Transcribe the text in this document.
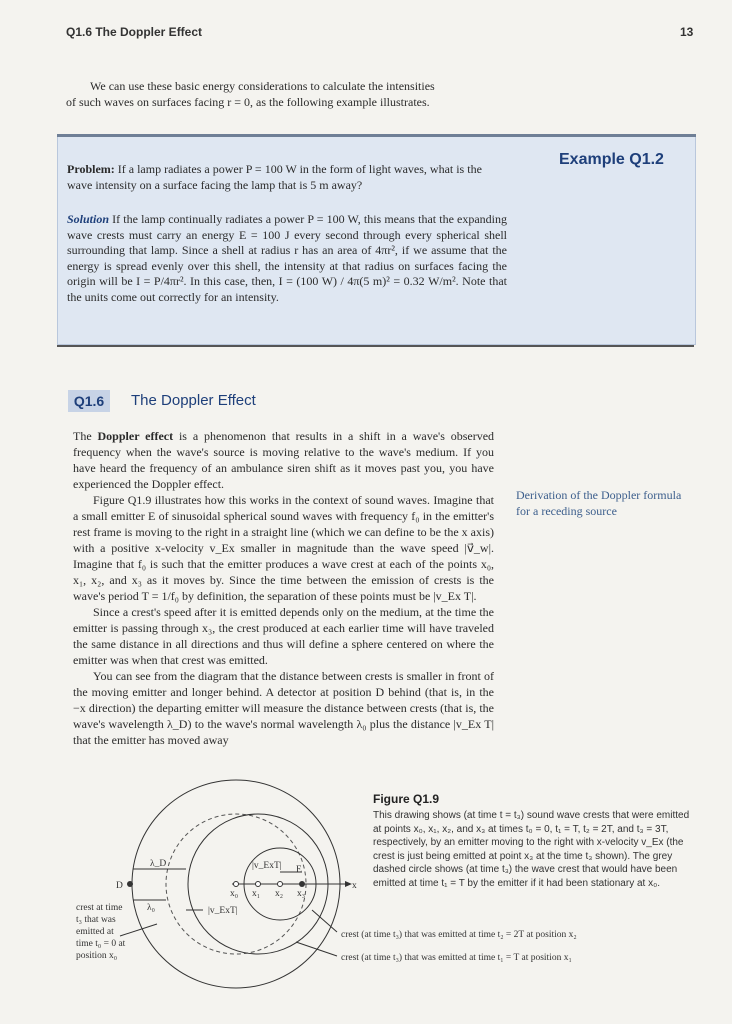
Q1.6 The Doppler Effect	13
We can use these basic energy considerations to calculate the intensities
of such waves on surfaces facing r = 0, as the following example illustrates.
Example Q1.2
Problem: If a lamp radiates a power P = 100 W in the form of light waves, what is the wave intensity on a surface facing the lamp that is 5 m away?
Solution If the lamp continually radiates a power P = 100 W, this means that the expanding wave crests must carry an energy E = 100 J every second through every spherical shell surrounding that lamp. Since a shell at radius r has an area of 4πr², if we assume that the energy is spread evenly over this shell, the intensity at that radius on surfaces facing the origin will be I = P/4πr². In this case, then, I = (100 W) / 4π(5 m)² = 0.32 W/m². Note that the units come out correctly for an intensity.
Q1.6	The Doppler Effect

The Doppler effect is a phenomenon that results in a shift in a wave's observed frequency when the wave's source is moving relative to the wave's medium. If you have heard the frequency of an ambulance siren shift as it moves past you, you have experienced the Doppler effect.

Figure Q1.9 illustrates how this works in the context of sound waves. Imagine that a small emitter E of sinusoidal spherical sound waves with frequency f₀ in the emitter's rest frame is moving to the right in a straight line (which we can define to be the x axis) with a positive x-velocity v_Ex smaller in magnitude than the wave speed |v⃗_w|. Imagine that f₀ is such that the emitter produces a wave crest at each of the points x₀, x₁, x₂, and x₃ as it moves by. Since the time between the emission of crests is the wave's period T = 1/f₀ by definition, the separation of these points must be |v_Ex T|.

Since a crest's speed after it is emitted depends only on the medium, at the time the emitter is passing through x₃, the crest produced at each earlier time will have traveled the same distance in all directions and thus will define a sphere centered on where the emitter was when that crest was emitted.

You can see from the diagram that the distance between crests is smaller in front of the moving emitter and longer behind. A detector at position D behind (that is, in the −x direction) the departing emitter will measure the distance between crests (that is, the wave's wavelength λ_D) to the wave's normal wavelength λ₀ plus the distance |v_Ex T| that the emitter has moved away

Derivation of the Doppler formula for a receding source
|v_ExT| E
x
x₀ x₁ x₂ x₃
λ_D
λ₀
D
|v_ExT|
crest at time
t₃ that was
emitted at
time t₀ = 0 at
position x₀
crest (at time t₃) that was emitted at time t₂ = 2T at position x₂
crest (at time t₃) that was emitted at time t₁ = T at position x₁
Figure Q1.9
This drawing shows (at time t = t₃) sound wave crests that were emitted at points x₀, x₁, x₂, and x₃ at times t₀ = 0, t₁ = T, t₂ = 2T, and t₃ = 3T, respectively, by an emitter moving to the right with x-velocity v_Ex (the crest is just being emitted at point x₃ at the time t₃ shown). The grey dashed circle shows (at time t₃) the wave crest that would have been emitted at time t₁ = T by the emitter if it had been stationary at x₀.
